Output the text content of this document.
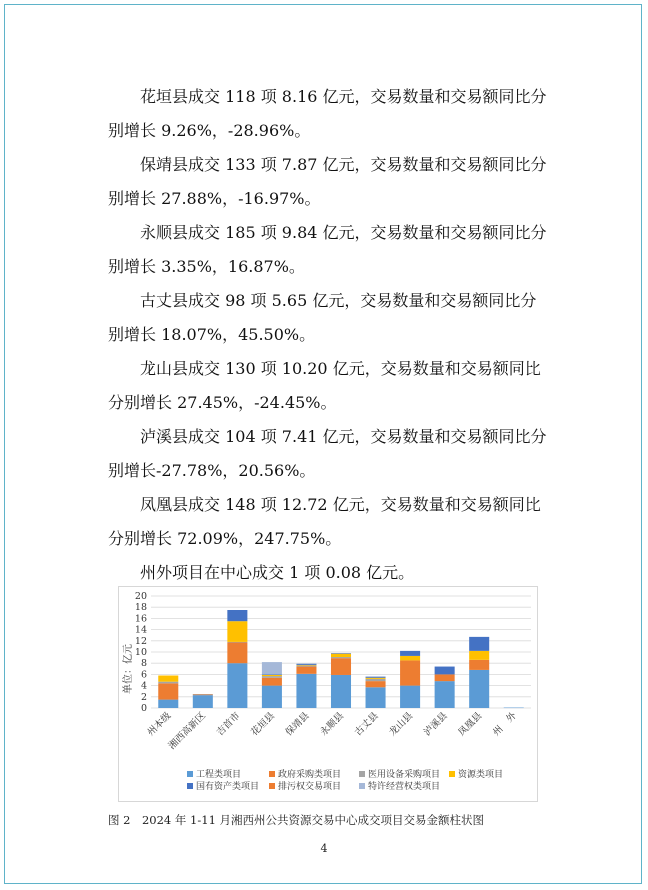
花垣县成交 118 项 8.16 亿元，交易数量和交易额同比分

别增长 9.26%，-28.96%。

保靖县成交 133 项 7.87 亿元，交易数量和交易额同比分

别增长 27.88%，-16.97%。

永顺县成交 185 项 9.84 亿元，交易数量和交易额同比分

别增长 3.35%，16.87%。

古丈县成交 98 项 5.65 亿元，交易数量和交易额同比分

别增长 18.07%，45.50%。

龙山县成交 130 项 10.20 亿元，交易数量和交易额同比

分别增长 27.45%，-24.45%。

泸溪县成交 104 项 7.41 亿元，交易数量和交易额同比分

别增长-27.78%，20.56%。

凤凰县成交 148 项 12.72 亿元，交易数量和交易额同比

分别增长 72.09%，247.75%。

州外项目在中心成交 1 项 0.08 亿元。

0
2
4
6
8
10
12
14
16
18
20
单位：亿元
州本级
湘西高新区 吉首市 花垣县 保靖县 永顺县 古丈县 龙山县 泸溪县 凤凰县 州　外
工程类项目	政府采购类项目	医用设备采购项目 资源类项目
国有资产类项目 排污权交易项目	特许经营权类项目
图 2　2024 年 1-11 月湘西州公共资源交易中心成交项目交易金额柱状图
4
